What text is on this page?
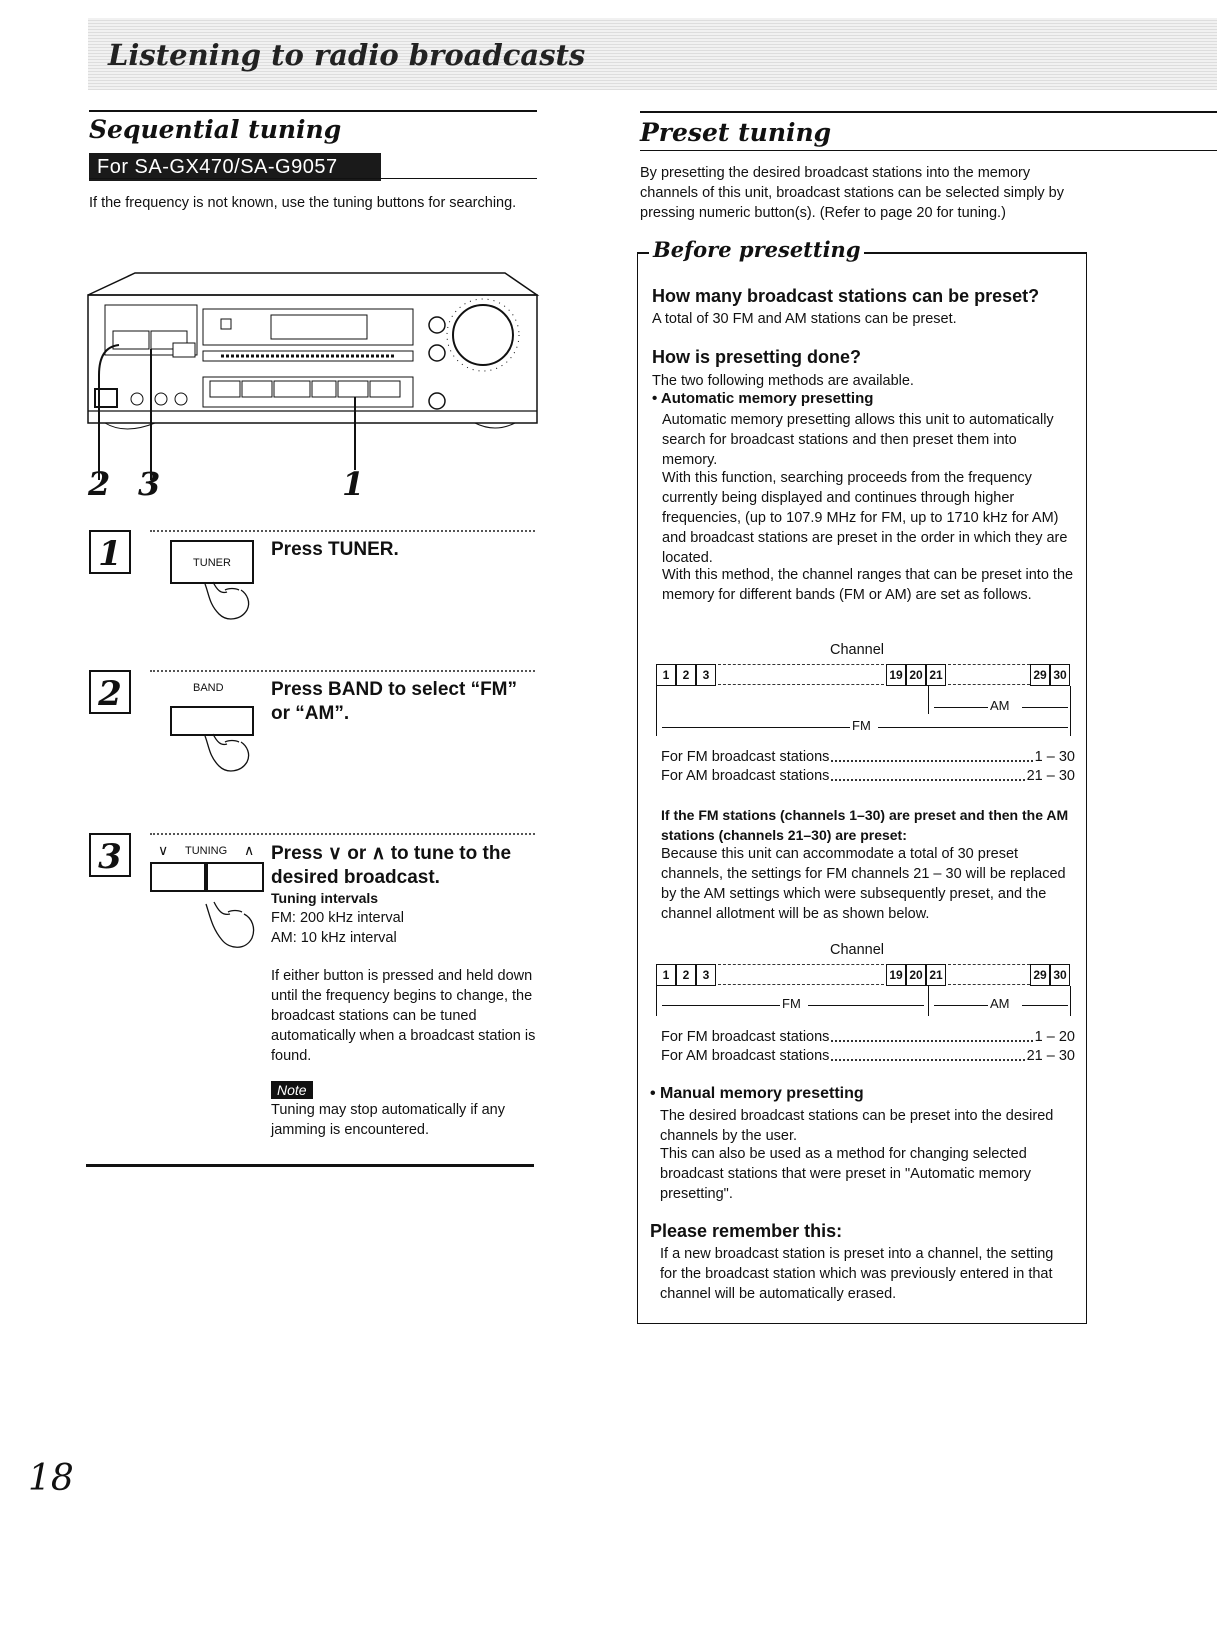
Listening to radio broadcasts
Sequential tuning
For SA-GX470/SA-G9057
If the frequency is not known, use the tuning buttons for searching.
2 3	1
1	TUNER
Press TUNER.
2	BAND Press BAND to select “FM” or “AM”.
3	∨ TUNING ∧ Press ∨ or ∧ to tune to the desired broadcast.
Tuning intervals
FM: 200 kHz interval
AM: 10 kHz interval
If either button is pressed and held down until the frequency begins to change, the broadcast stations can be tuned automatically when a broadcast station is found.
Note
Tuning may stop automatically if any jamming is encountered.
Preset tuning
By presetting the desired broadcast stations into the memory channels of this unit, broadcast stations can be selected simply by pressing numeric button(s). (Refer to page 20 for tuning.)
Before presetting
How many broadcast stations can be preset?
A total of 30 FM and AM stations can be preset.
How is presetting done?
The two following methods are available.
• Automatic memory presetting
Automatic memory presetting allows this unit to automatically search for broadcast stations and then preset them into memory.
With this function, searching proceeds from the frequency currently being displayed and continues through higher frequencies, (up to 107.9 MHz for FM, up to 1710 kHz for AM) and broadcast stations are preset in the order in which they are located.
With this method, the channel ranges that can be preset into the memory for different bands (FM or AM) are set as follows.
Channel
1	2	3	19 20 21	29 30
AM
FM
For FM broadcast stations	1 – 30
For AM broadcast stations	21 – 30
If the FM stations (channels 1–30) are preset and then the AM stations (channels 21–30) are preset:
Because this unit can accommodate a total of 30 preset channels, the settings for FM channels 21 – 30 will be replaced by the AM settings which were subsequently preset, and the channel allotment will be as shown below.
Channel
1	2	3	19 20 21	29 30
FM	AM
For FM broadcast stations	1 – 20
For AM broadcast stations	21 – 30
• Manual memory presetting
The desired broadcast stations can be preset into the desired channels by the user.
This can also be used as a method for changing selected broadcast stations that were preset in "Automatic memory presetting".
Please remember this:
If a new broadcast station is preset into a channel, the setting for the broadcast station which was previously entered in that channel will be automatically erased.
18
